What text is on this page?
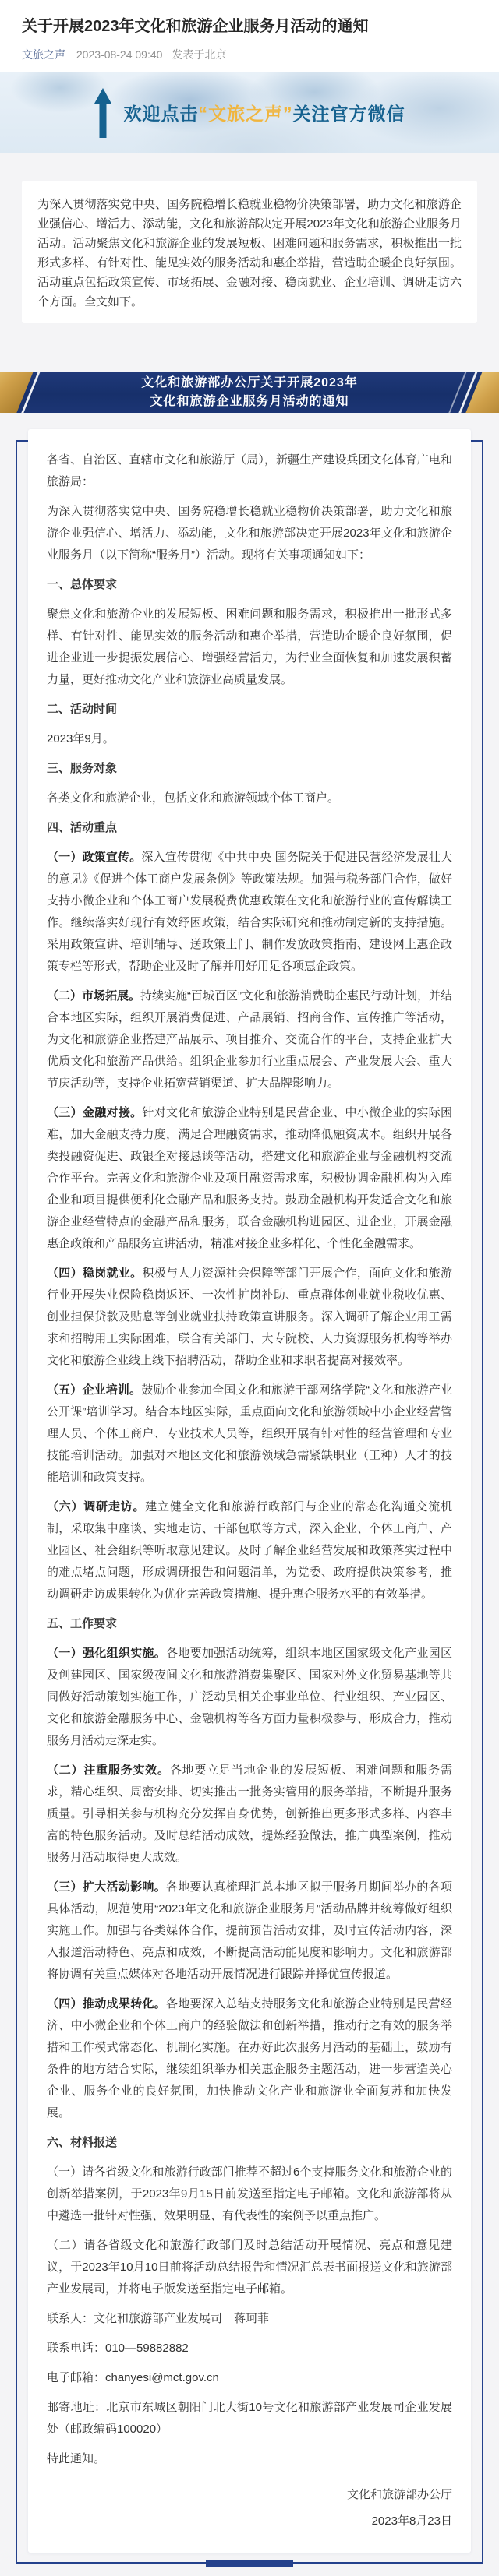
关于开展2023年文化和旅游企业服务月活动的通知
文旅之声 2023-08-24 09:40 发表于北京
欢迎点击“文旅之声”关注官方微信

为深入贯彻落实党中央、国务院稳增长稳就业稳物价决策部署，助力文化和旅游企业强信心、增活力、添动能，文化和旅游部决定开展2023年文化和旅游企业服务月活动。活动聚焦文化和旅游企业的发展短板、困难问题和服务需求，积极推出一批形式多样、有针对性、能见实效的服务活动和惠企举措，营造助企暖企良好氛围。活动重点包括政策宣传、市场拓展、金融对接、稳岗就业、企业培训、调研走访六个方面。全文如下。

文化和旅游部办公厅关于开展2023年
文化和旅游企业服务月活动的通知

各省、自治区、直辖市文化和旅游厅（局），新疆生产建设兵团文化体育广电和旅游局：

为深入贯彻落实党中央、国务院稳增长稳就业稳物价决策部署，助力文化和旅游企业强信心、增活力、添动能，文化和旅游部决定开展2023年文化和旅游企业服务月（以下简称“服务月”）活动。现将有关事项通知如下：

一、总体要求

聚焦文化和旅游企业的发展短板、困难问题和服务需求，积极推出一批形式多样、有针对性、能见实效的服务活动和惠企举措，营造助企暖企良好氛围，促进企业进一步提振发展信心、增强经营活力，为行业全面恢复和加速发展积蓄力量，更好推动文化产业和旅游业高质量发展。

二、活动时间

2023年9月。

三、服务对象

各类文化和旅游企业，包括文化和旅游领域个体工商户。

四、活动重点

（一）政策宣传。深入宣传贯彻《中共中央 国务院关于促进民营经济发展壮大的意见》《促进个体工商户发展条例》等政策法规。加强与税务部门合作，做好支持小微企业和个体工商户发展税费优惠政策在文化和旅游行业的宣传解读工作。继续落实好现行有效纾困政策，结合实际研究和推动制定新的支持措施。采用政策宣讲、培训辅导、送政策上门、制作发放政策指南、建设网上惠企政策专栏等形式，帮助企业及时了解并用好用足各项惠企政策。

（二）市场拓展。持续实施“百城百区”文化和旅游消费助企惠民行动计划，并结合本地区实际，组织开展消费促进、产品展销、招商合作、宣传推广等活动，为文化和旅游企业搭建产品展示、项目推介、交流合作的平台，支持企业扩大优质文化和旅游产品供给。组织企业参加行业重点展会、产业发展大会、重大节庆活动等，支持企业拓宽营销渠道、扩大品牌影响力。

（三）金融对接。针对文化和旅游企业特别是民营企业、中小微企业的实际困难，加大金融支持力度，满足合理融资需求，推动降低融资成本。组织开展各类投融资促进、政银企对接恳谈等活动，搭建文化和旅游企业与金融机构交流合作平台。完善文化和旅游企业及项目融资需求库，积极协调金融机构为入库企业和项目提供便利化金融产品和服务支持。鼓励金融机构开发适合文化和旅游企业经营特点的金融产品和服务，联合金融机构进园区、进企业，开展金融惠企政策和产品服务宣讲活动，精准对接企业多样化、个性化金融需求。

（四）稳岗就业。积极与人力资源社会保障等部门开展合作，面向文化和旅游行业开展失业保险稳岗返还、一次性扩岗补助、重点群体创业就业税收优惠、创业担保贷款及贴息等创业就业扶持政策宣讲服务。深入调研了解企业用工需求和招聘用工实际困难，联合有关部门、大专院校、人力资源服务机构等举办文化和旅游企业线上线下招聘活动，帮助企业和求职者提高对接效率。

（五）企业培训。鼓励企业参加全国文化和旅游干部网络学院“文化和旅游产业公开课”培训学习。结合本地区实际，重点面向文化和旅游领域中小企业经营管理人员、个体工商户、专业技术人员等，组织开展有针对性的经营管理和专业技能培训活动。加强对本地区文化和旅游领域急需紧缺职业（工种）人才的技能培训和政策支持。

（六）调研走访。建立健全文化和旅游行政部门与企业的常态化沟通交流机制，采取集中座谈、实地走访、干部包联等方式，深入企业、个体工商户、产业园区、社会组织等听取意见建议。及时了解企业经营发展和政策落实过程中的难点堵点问题，形成调研报告和问题清单，为党委、政府提供决策参考，推动调研走访成果转化为优化完善政策措施、提升惠企服务水平的有效举措。

五、工作要求

（一）强化组织实施。各地要加强活动统筹，组织本地区国家级文化产业园区及创建园区、国家级夜间文化和旅游消费集聚区、国家对外文化贸易基地等共同做好活动策划实施工作，广泛动员相关企事业单位、行业组织、产业园区、文化和旅游金融服务中心、金融机构等各方面力量积极参与、形成合力，推动服务月活动走深走实。

（二）注重服务实效。各地要立足当地企业的发展短板、困难问题和服务需求，精心组织、周密安排、切实推出一批务实管用的服务举措，不断提升服务质量。引导相关参与机构充分发挥自身优势，创新推出更多形式多样、内容丰富的特色服务活动。及时总结活动成效，提炼经验做法，推广典型案例，推动服务月活动取得更大成效。

（三）扩大活动影响。各地要认真梳理汇总本地区拟于服务月期间举办的各项具体活动，规范使用“2023年文化和旅游企业服务月”活动品牌并统筹做好组织实施工作。加强与各类媒体合作，提前预告活动安排，及时宣传活动内容，深入报道活动特色、亮点和成效，不断提高活动能见度和影响力。文化和旅游部将协调有关重点媒体对各地活动开展情况进行跟踪并择优宣传报道。

（四）推动成果转化。各地要深入总结支持服务文化和旅游企业特别是民营经济、中小微企业和个体工商户的经验做法和创新举措，推动行之有效的服务举措和工作模式常态化、机制化实施。在办好此次服务月活动的基础上，鼓励有条件的地方结合实际，继续组织举办相关惠企服务主题活动，进一步营造关心企业、服务企业的良好氛围，加快推动文化产业和旅游业全面复苏和加快发展。

六、材料报送

（一）请各省级文化和旅游行政部门推荐不超过6个支持服务文化和旅游企业的创新举措案例，于2023年9月15日前发送至指定电子邮箱。文化和旅游部将从中遴选一批针对性强、效果明显、有代表性的案例予以重点推广。

（二）请各省级文化和旅游行政部门及时总结活动开展情况、亮点和意见建议，于2023年10月10日前将活动总结报告和情况汇总表书面报送文化和旅游部产业发展司，并将电子版发送至指定电子邮箱。

联系人：文化和旅游部产业发展司　蒋珂菲

联系电话：010—59882882

电子邮箱：chanyesi@mct.gov.cn

邮寄地址：北京市东城区朝阳门北大街10号文化和旅游部产业发展司企业发展处（邮政编码100020）

特此通知。

文化和旅游部办公厅

2023年8月23日
